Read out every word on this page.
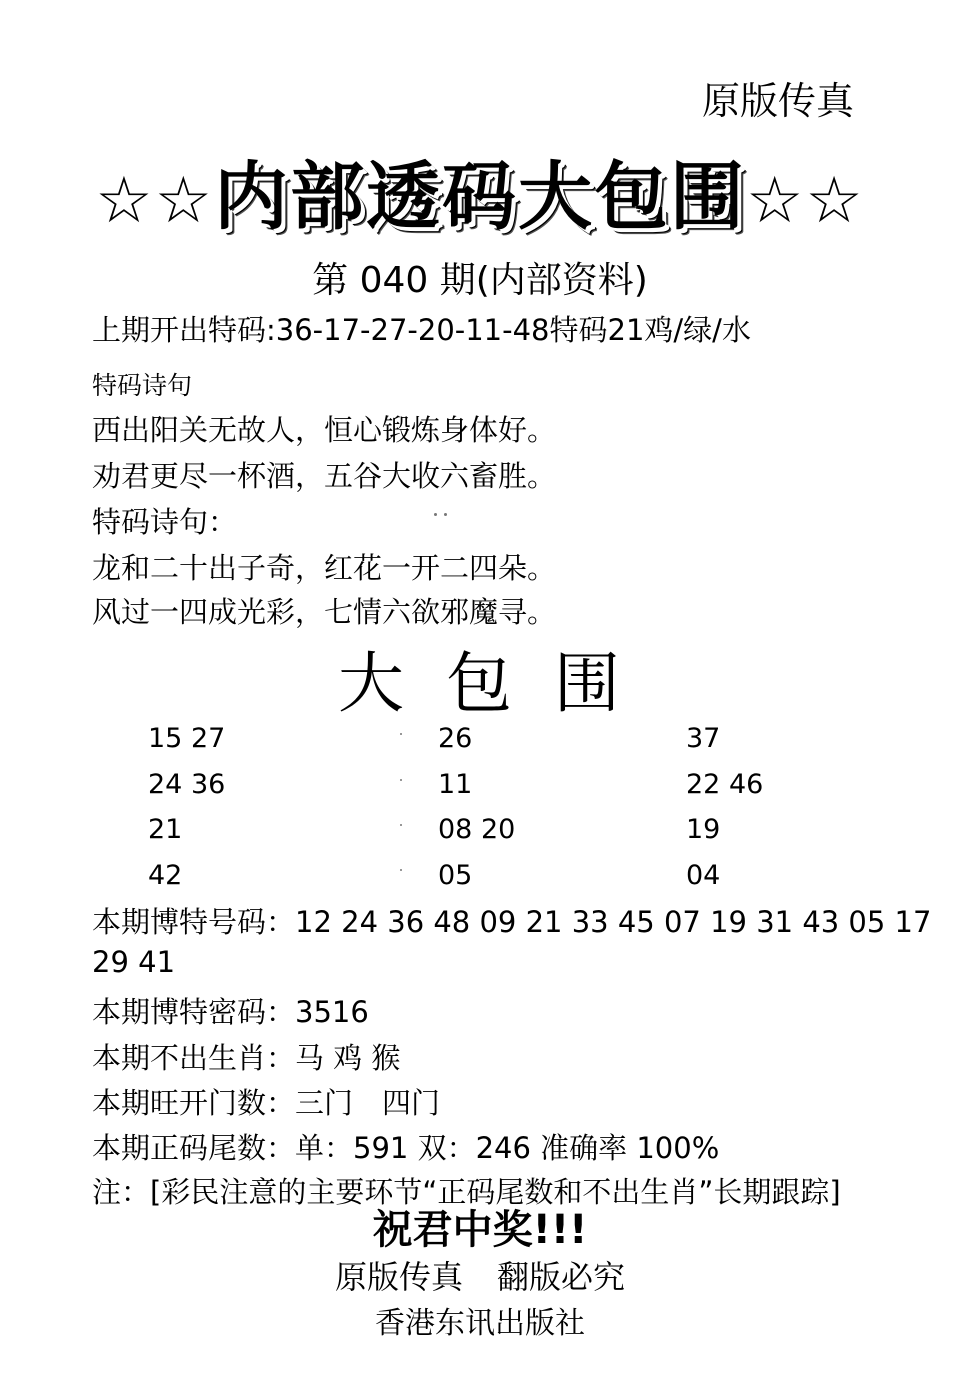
原版传真
☆☆内部透码大包围☆☆
第 040 期(内部资料)
上期开出特码:36-17-27-20-11-48特码21鸡/绿/水
特码诗句
西出阳关无故人，恒心锻炼身体好。
劝君更尽一杯酒，五谷大收六畜胜。
特码诗句：
龙和二十出子奇，红花一开二四朵。
风过一四成光彩，七情六欲邪魔寻。
大包围
15 27	26	37
24 36	11	22 46
21	08 20	19
42	05	04
本期博特号码：12 24 36 48 09 21 33 45 07 19 31 43 05 17
29 41
本期博特密码：3516
本期不出生肖：马 鸡 猴
本期旺开门数：三门　四门
本期正码尾数：单：591 双：246 准确率 100%
注：[彩民注意的主要环节“正码尾数和不出生肖”长期跟踪]
祝君中奖!!!
原版传真 翻版必究
香港东讯出版社
